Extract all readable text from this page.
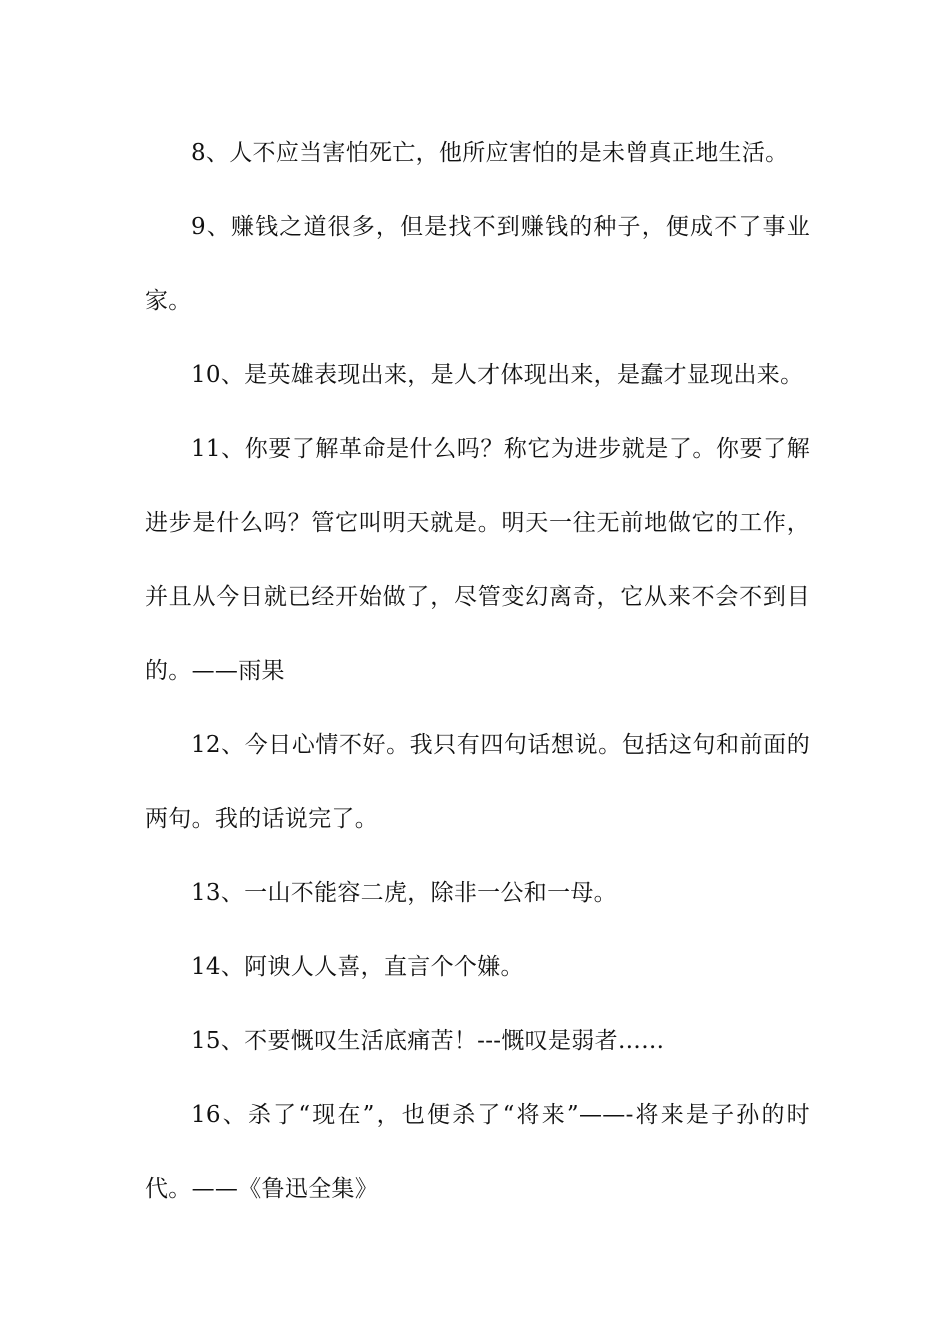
8、人不应当害怕死亡，他所应害怕的是未曾真正地生活。

9、赚钱之道很多，但是找不到赚钱的种子，便成不了事业家。

10、是英雄表现出来，是人才体现出来，是蠢才显现出来。

11、你要了解革命是什么吗？称它为进步就是了。你要了解进步是什么吗？管它叫明天就是。明天一往无前地做它的工作，并且从今日就已经开始做了，尽管变幻离奇，它从来不会不到目的。——雨果

12、今日心情不好。我只有四句话想说。包括这句和前面的两句。我的话说完了。

13、一山不能容二虎，除非一公和一母。

14、阿谀人人喜，直言个个嫌。

15、不要慨叹生活底痛苦！---慨叹是弱者……

16、杀了“现在”，也便杀了“将来”——-将来是子孙的时代。——《鲁迅全集》
